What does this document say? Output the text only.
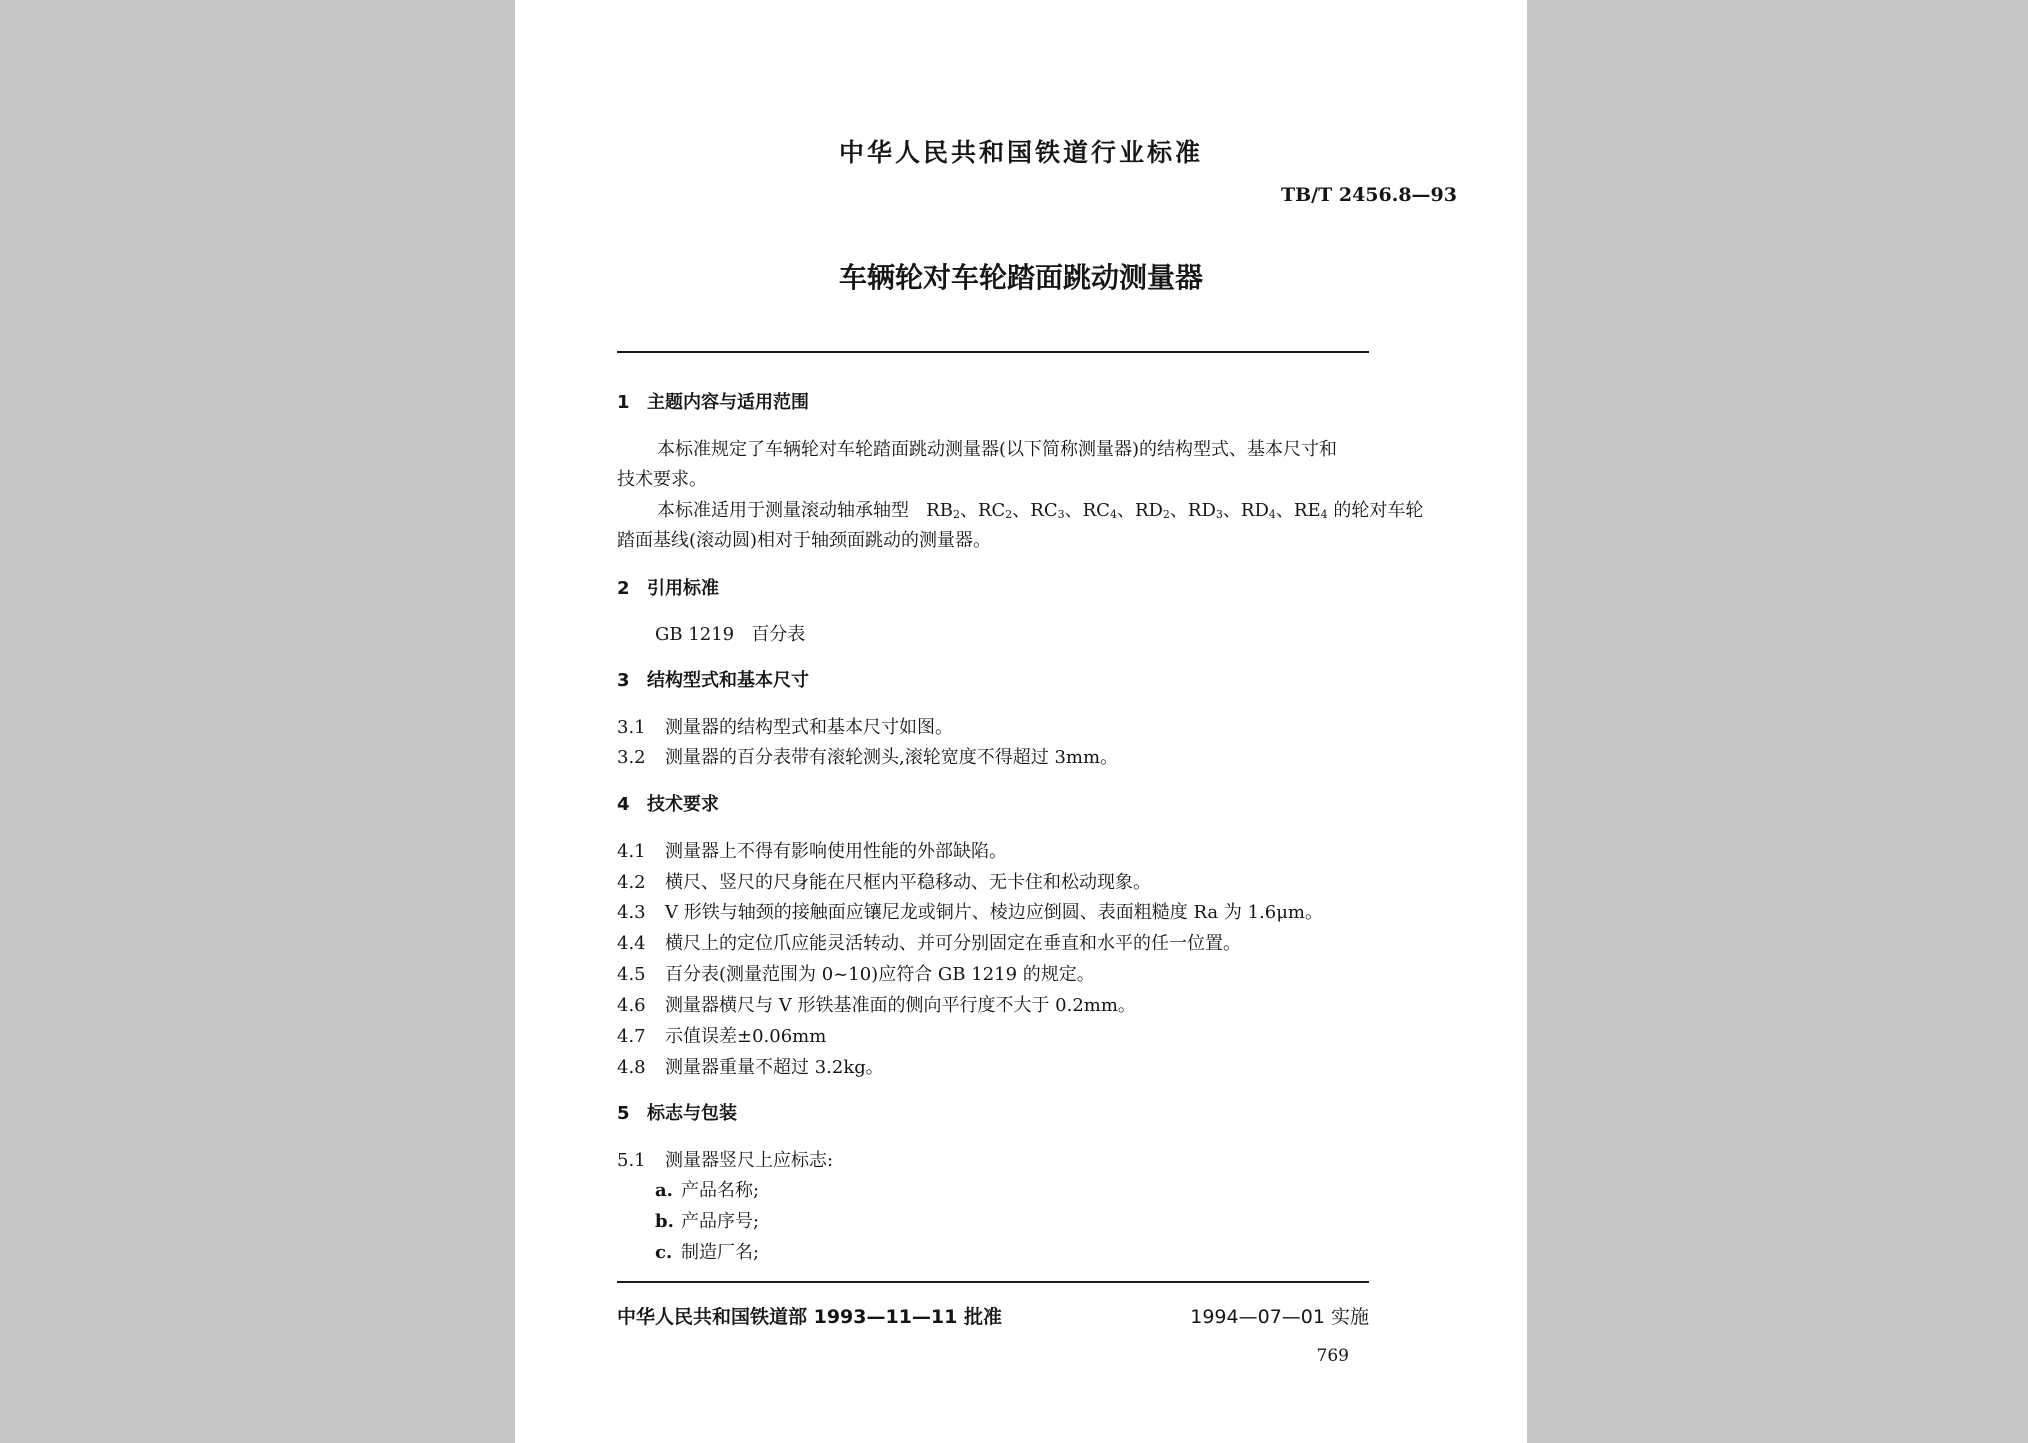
中华人民共和国铁道行业标准
TB/T 2456.8—93
车辆轮对车轮踏面跳动测量器
1 主题内容与适用范围
本标准规定了车辆轮对车轮踏面跳动测量器(以下简称测量器)的结构型式、基本尺寸和
技术要求。
本标准适用于测量滚动轴承轴型 $RB_2$、$RC_2$、$RC_3$、$RC_4$、$RD_2$、$RD_3$、$RD_4$、$RE_4$ 的轮对车轮
踏面基线(滚动圆)相对于轴颈面跳动的测量器。
2 引用标准
GB 1219 百分表
3 结构型式和基本尺寸
3.1 测量器的结构型式和基本尺寸如图。
3.2 测量器的百分表带有滚轮测头,滚轮宽度不得超过 3mm。
4 技术要求
4.1 测量器上不得有影响使用性能的外部缺陷。
4.2 横尺、竖尺的尺身能在尺框内平稳移动、无卡住和松动现象。
4.3 V 形铁与轴颈的接触面应镶尼龙或铜片、棱边应倒圆、表面粗糙度 Ra 为 1.6μm。
4.4 横尺上的定位爪应能灵活转动、并可分别固定在垂直和水平的任一位置。
4.5 百分表(测量范围为 0~10)应符合 GB 1219 的规定。
4.6 测量器横尺与 V 形铁基准面的侧向平行度不大于 0.2mm。
4.7 示值误差±0.06mm
4.8 测量器重量不超过 3.2kg。
5 标志与包装
5.1 测量器竖尺上应标志:
a. 产品名称;
b. 产品序号;
c. 制造厂名;
中华人民共和国铁道部 1993—11—11 批准	1994—07—01 实施
769
